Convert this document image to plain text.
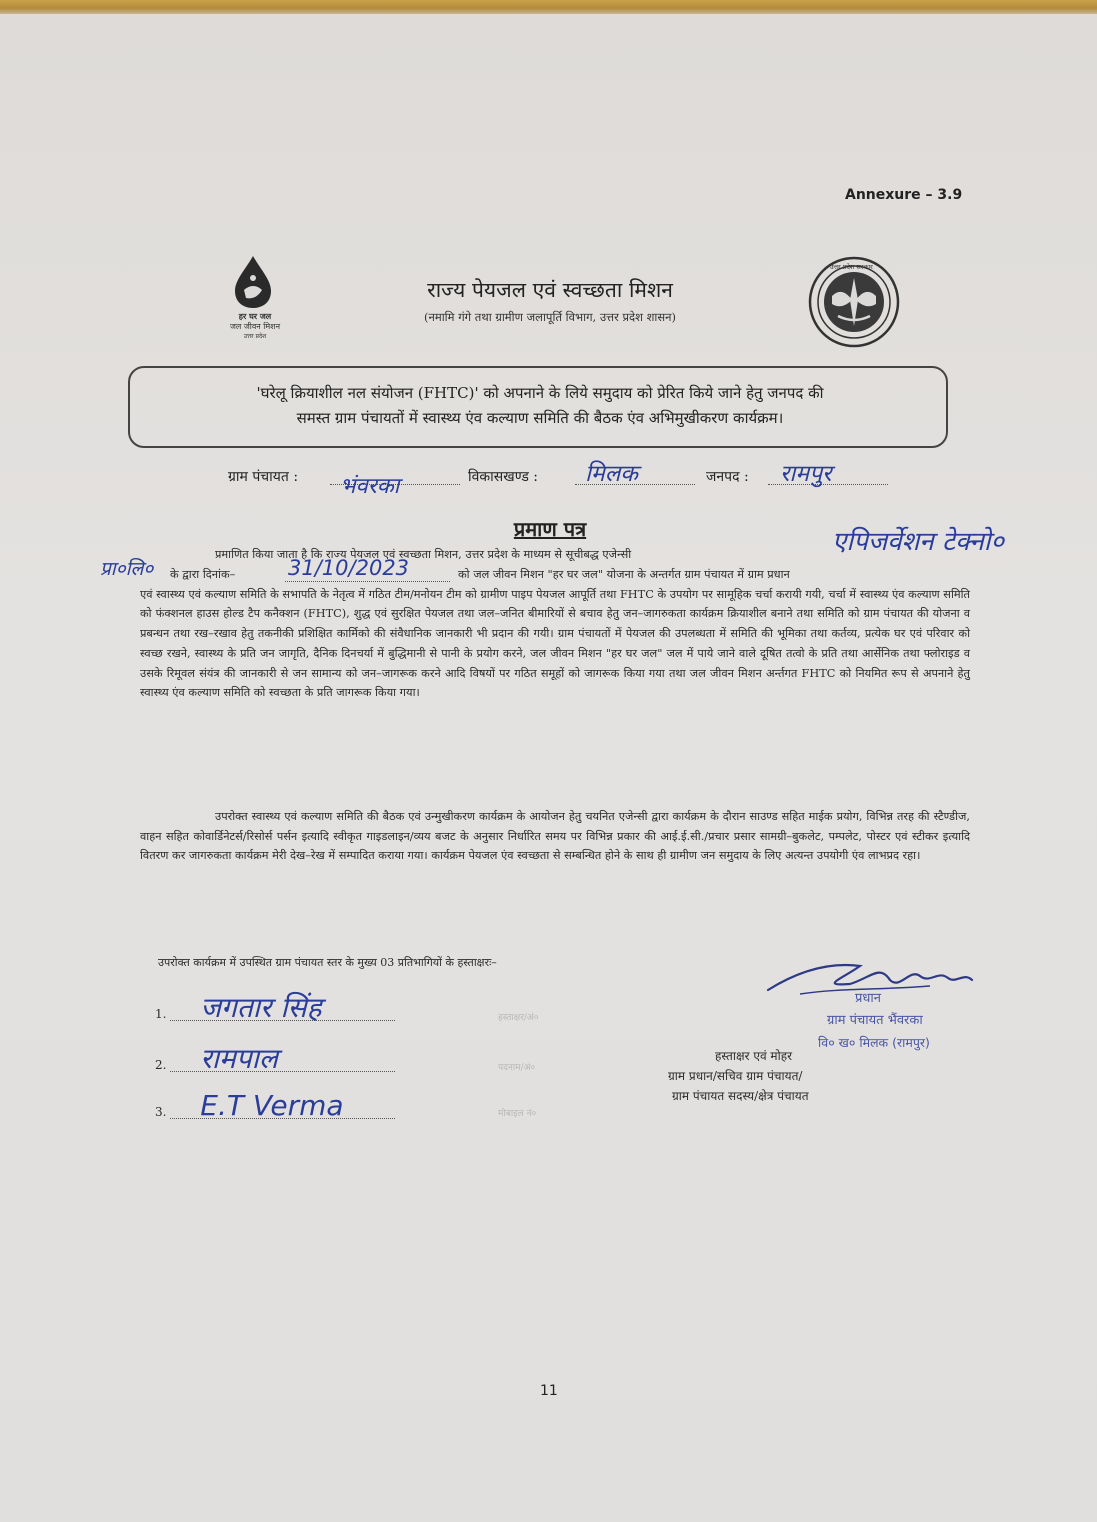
Annexure – 3.9
हर घर जल
जल जीवन मिशन
उत्तर प्रदेश
राज्य पेयजल एवं स्वच्छता मिशन
(नमामि गंगे तथा ग्रामीण जलापूर्ति विभाग, उत्तर प्रदेश शासन)
उत्तर प्रदेश सरकार
'घरेलू क्रियाशील नल संयोजन (FHTC)' को अपनाने के लिये समुदाय को प्रेरित किये जाने हेतु जनपद की
समस्त ग्राम पंचायतों में स्वास्थ्य एंव कल्याण समिति की बैठक एंव अभिमुखीकरण कार्यक्रम।
ग्राम पंचायत : भंवरका	विकासखण्ड : मिलक	जनपद : रामपुर
प्रमाण पत्र	एपिजर्वेशन टेक्नो०
प्रा०लि०

प्रमाणित किया जाता है कि राज्य पेयजल एवं स्वच्छता मिशन, उत्तर प्रदेश के माध्यम से सूचीबद्ध एजेन्सी

के द्वारा दिनांक–	31/10/2023	को जल जीवन मिशन "हर घर जल" योजना के अन्तर्गत ग्राम पंचायत में ग्राम प्रधान
एवं स्वास्थ्य एवं कल्याण समिति के सभापति के नेतृत्व में गठित टीम/मनोयन टीम को ग्रामीण पाइप पेयजल आपूर्ति तथा FHTC के उपयोग पर सामूहिक चर्चा करायी गयी, चर्चा में स्वास्थ्य एंव कल्याण समिति को फंक्शनल हाउस होल्ड टैप कनैक्शन (FHTC), शुद्ध एवं सुरक्षित पेयजल तथा जल–जनित बीमारियों से बचाव हेतु जन–जागरुकता कार्यक्रम क्रियाशील बनाने तथा समिति को ग्राम पंचायत की योजना व प्रबन्धन तथा रख–रखाव हेतु तकनीकी प्रशिक्षित कार्मिको की संवैधानिक जानकारी भी प्रदान की गयी। ग्राम पंचायतों में पेयजल की उपलब्धता में समिति की भूमिका तथा कर्तव्य, प्रत्येक घर एवं परिवार को स्वच्छ रखने, स्वास्थ्य के प्रति जन जागृति, दैनिक दिनचर्या में बुद्धिमानी से पानी के प्रयोग करने, जल जीवन मिशन "हर घर जल" जल में पाये जाने वाले दूषित तत्वो के प्रति तथा आर्सेनिक तथा फ्लोराइड व उसके रिमूवल संयंत्र की जानकारी से जन सामान्य को जन–जागरूक करने आदि विषयों पर गठित समूहों को जागरूक किया गया तथा जल जीवन मिशन अर्न्तगत FHTC को नियमित रूप से अपनाने हेतु स्वास्थ्य एंव कल्याण समिति को स्वच्छता के प्रति जागरूक किया गया।

उपरोक्त स्वास्थ्य एवं कल्याण समिति की बैठक एवं उन्मुखीकरण कार्यक्रम के आयोजन हेतु चयनित एजेन्सी द्वारा कार्यक्रम के दौरान साउण्ड सहित माईक प्रयोग, विभिन्न तरह की स्टैण्डीज, वाहन सहित कोवार्डिनेटर्स/रिसोर्स पर्सन इत्यादि स्वीकृत गाइडलाइन/व्यय बजट के अनुसार निर्धारित समय पर विभिन्न प्रकार की आई.ई.सी./प्रचार प्रसार सामग्री–बुकलेट, पम्पलेट, पोस्टर एवं स्टीकर इत्यादि वितरण कर जागरुकता कार्यक्रम मेरी देख–रेख में सम्पादित कराया गया। कार्यक्रम पेयजल एंव स्वच्छता से सम्बन्धित होने के साथ ही ग्रामीण जन समुदाय के लिए अत्यन्त उपयोगी एंव लाभप्रद रहा।

उपरोक्त कार्यक्रम में उपस्थित ग्राम पंचायत स्तर के मुख्य 03 प्रतिभागियों के हस्ताक्षरः–
1. जगतार सिंह	हस्ताक्षर/अं०
2. रामपाल	पदनाम/अं०
3. E.T Verma	मोबाइल नं०
प्रधान
ग्राम पंचायत भैंवरका
वि० ख० मिलक (रामपुर)
हस्ताक्षर एवं मोहर
ग्राम प्रधान/सचिव ग्राम पंचायत/
ग्राम पंचायत सदस्य/क्षेत्र पंचायत
11
